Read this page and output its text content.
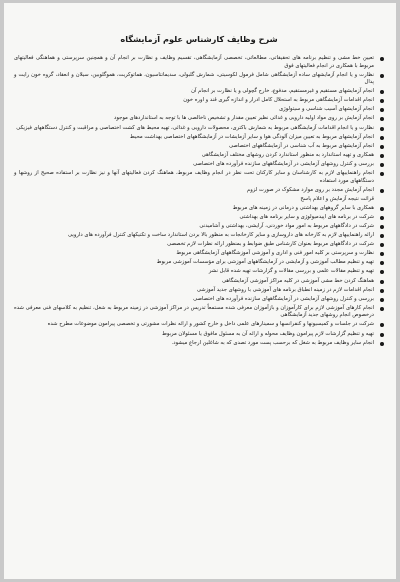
شرح وظایف کارشناس علوم آزمایشگاه
تعیین خط مشی و تنظیم برنامه های تحقیقاتی، مطالعاتی، تخصصی آزمایشگاهی، تقسیم وظایف و نظارت بر انجام آن و همچنین سرپرستی و هماهنگی فعالیتهای مربوط با همکاری در انجام فعالیتهای فوق
نظارت و یا انجام آزمایشهای ساده آزمایشگاهی شامل فرمول لکوسیتی، شمارش گلبولی، سدیمانتاسیون، هماتوکریت، هموگلوبین، سیلان و انعقاد، گروه خون رایت و پدال
انجام آزمایشهای مستقیم و غیرمستقیم، مدفوع، خارج گچولی و یا نظارت بر انجام آن
انجام اقدامات آزمایشگاهی مربوط به استحلال کامل ادرار و اندازه گیری قند و اوره خون
انجام آزمایشهای آسیب شناسی و سیتولوژی
انجام آزمایش بر روی مواد اولیه دارویی و غذائی نظیر تعیین مقدار و تشخیص ناخالصی ها با توجه به استانداردهای موجود
نظارت و یا انجام اقدامات آزمایشگاهی مربوط به شمارش باکتری، محصولات دارویی و غذائی، تهیه محیط های کشت اختصاصی و مراقبت و کنترل دستگاههای فیزیکی
انجام آزمایشهای مربوط به تعیین میزان آلودگی هوا و سایر آزمایشات در آزمایشگاههای اختصاصی بهداشت محیط
انجام آزمایشهای مربوط به آب شناسی در آزمایشگاههای اختصاصی
همکاری و تهیه استاندارد به منظور استاندارد کردن روشهای مختلف آزمایشگاهی
بررسی و کنترل روشهای آزمایشی در آزمایشگاههای سازنده فرآورده های اختصاصی
انجام راهنماییهای لازم به کارشناسان و سایر کارکنان تحت نظر در انجام وظایف مربوط، هماهنگ کردن فعالیتهای آنها و نیز نظارت بر استفاده صحیح از روشها و دستگاههای مورد استفاده
انجام آزمایش مجدد بر روی موارد مشکوک در صورت لزوم
قرائت نتیجه آزمایش و اعلام پاسخ
همکاری با سایر گروههای بهداشتی و درمانی در زمینه های مربوط
شرکت در برنامه های اپیدمیولوژی و سایر برنامه های بهداشتی
شرکت در دادگاههای مربوط به امور مواد خوردنی، آرایشی، بهداشتی و آشامیدنی
ارائه راهنماییهای لازم به کارخانه های داروسازی و سایر کارخانجات به منظور بالا بردن استاندارد ساخت و تکنیکهای کنترل فرآورده های دارویی
شرکت در دادگاههای مربوط بعنوان کارشناس طبق ضوابط و بمنظور ارائه نظرات لازم تخصصی
نظارت و سرپرستی بر کلیه امور فنی و اداری و آموزشی آموزشگاههای آزمایشگاهی مربوط
تهیه و تنظیم مطالب آموزشی و آزمایشی در آزمایشگاههای آموزشی برای مؤسسات آموزشی مربوط
تهیه و تنظیم مقالات علمی و بررسی مقالات و گزارشات تهیه شده قابل نشر
هماهنگ کردن خط مشی آموزشی در کلیه مراکز آموزشی آزمایشگاهی
انجام اقدامات لازم در زمینه انطباق برنامه های آموزشی با روشهای جدید آموزشی
بررسی و کنترل روشهای آزمایشی در آزمایشگاههای سازنده فرآورده های اختصاصی
انجام کارهای آموزشی لازم برای کارآموزان و بازآموزان معرفی شده مستمعاً تدریس در مراکز آموزشی در زمینه مربوط به شغل، تنظیم به کلاسهای فنی معرفی شده درخصوص انجام روشهای جدید آزمایشگاهی
شرکت در جلسات و کمیسیونها و کنفرانسها و سمینارهای علمی داخل و خارج کشور و ارائه نظرات مشورتی و تخصصی پیرامون موضوعات مطرح شده
تهیه و تنظیم گزارشات لازم پیرامون وظایف محوله و ارائه آن به مسئول مافوق یا مسئولان مربوط
انجام سایر وظایف مربوط به شغل که برحسب پست مورد تصدی که به شاغلین ارجاع میشود.
